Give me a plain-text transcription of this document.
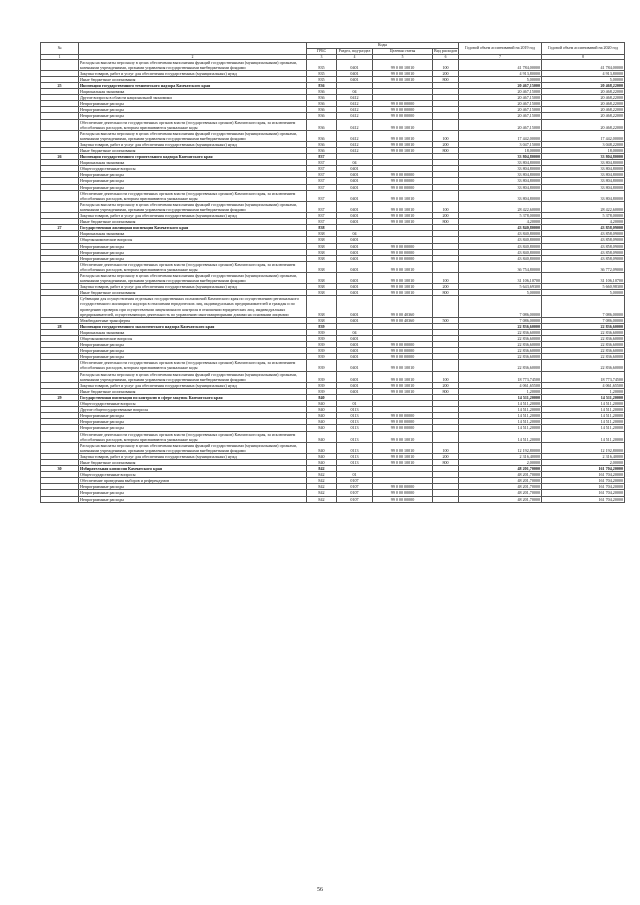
№		Коды				Годовой объем ассигнований на 2019 год	Годовой объем ассигнований на 2020 год
		ГРБС	Раздел, под-раздел	Целевая статья	Вид расходов		
1	2	3	4	5	6	7	8
	Расходы на выплаты персоналу в целях обеспечения выполнения функций государственными (муниципальными) органами, казенными учреждениями, органами управления государственными внебюджетными фондами	835	0401	99 0 00 10010	100	41 784,00000	41 784,00000
	Закупка товаров, работ и услуг для обеспечения государственных (муниципальных) нужд	835	0401	99 0 00 10010	200	4 913,80000	4 913,80000
	Иные бюджетные ассигнования	835	0401	99 0 00 10010	800	5,00000	5,00000
25	Инспекция государственного технического надзора Камчатского края	836				20 467,15000	20 468,22000
	Национальная экономика	836	04			20 467,15000	20 468,22000
	Другие вопросы в области национальной экономики	836	0412			20 467,15000	20 468,22000
	Непрограммные расходы	836	0412	99 0 00 00000		20 467,15000	20 468,22000
	Непрограммные расходы	836	0412	99 0 00 00000		20 467,15000	20 468,22000
	Непрограммные расходы	836	0412	99 0 00 00000		20 467,15000	20 468,22000
	Обеспечение деятельности государственных органов власти (государственных органов) Камчатского края, за исключением обособленных расходов, которым присваиваются уникальные коды	836	0412	99 0 00 10010		20 467,15000	20 468,22000
	Расходы на выплаты персоналу в целях обеспечения выполнения функций государственными (муниципальными) органами, казенными учреждениями, органами управления государственными внебюджетными фондами	836	0412	99 0 00 10010	100	17 442,00000	17 442,00000
	Закупка товаров, работ и услуг для обеспечения государственных (муниципальных) нужд	836	0412	99 0 00 10010	200	3 047,15000	3 048,22000
	Иные бюджетные ассигнования	836	0412	99 0 00 10010	800	18,00000	18,00000
26	Инспекция государственного строительного надзора Камчатского края	837				33 804,80000	33 804,80000
	Национальная экономика	837	04			33 804,80000	33 804,80000
	Общегосударственные вопросы	837	0401			33 804,80000	33 804,80000
	Непрограммные расходы	837	0401	99 0 00 00000		33 804,80000	33 804,80000
	Непрограммные расходы	837	0401	99 0 00 00000		33 804,80000	33 804,80000
	Непрограммные расходы	837	0401	99 0 00 00000		33 804,80000	33 804,80000
	Обеспечение деятельности государственных органов власти (государственных органов) Камчатского края, за исключением обособленных расходов, которым присваиваются уникальные коды	837	0401	99 0 00 10010		33 804,80000	33 804,80000
	Расходы на выплаты персоналу в целях обеспечения выполнения функций государственными (муниципальными) органами, казенными учреждениями, органами управления государственными внебюджетными фондами	837	0401	99 0 00 10010	100	28 422,60000	28 422,60000
	Закупка товаров, работ и услуг для обеспечения государственных (муниципальных) нужд	837	0401	99 0 00 10010	200	5 378,00000	5 378,00000
	Иные бюджетные ассигнования	837	0401	99 0 00 10010	800	4,20000	4,20000
27	Государственная жилищная инспекция Камчатского края	838				43 840,80000	43 858,09000
	Национальная экономика	838	04			43 840,80000	43 858,09000
	Общеэкономические вопросы	838	0401			43 840,80000	43 858,09000
	Непрограммные расходы	838	0401	99 0 00 00000		43 840,80000	43 858,09000
	Непрограммные расходы	838	0401	99 0 00 00000		43 840,80000	43 858,09000
	Непрограммные расходы	838	0401	99 0 00 00000		43 840,80000	43 858,09000
	Обеспечение деятельности государственных органов власти (государственных органов) Камчатского края, за исключением обособленных расходов, которым присваиваются уникальные коды	838	0401	99 0 00 10010		36 754,80000	36 772,09000
	Расходы на выплаты персоналу в целях обеспечения выполнения функций государственными (муниципальными) органами, казенными учреждениями, органами управления государственными внебюджетными фондами	838	0401	99 0 00 10010	100	31 106,10700	31 106,10700
	Закупка товаров, работ и услуг для обеспечения государственных (муниципальных) нужд	838	0401	99 0 00 10010	200	5 643,69300	5 660,98300
	Иные бюджетные ассигнования	838	0401	99 0 00 10010	800	5,00000	5,00000
	Субвенции для осуществления отдельных государственных полномочий Камчатского края по осуществлению регионального государственного жилищного надзора в отношении юридических лиц, индивидуальных предпринимателей и граждан и по проведению проверок при осуществлении лицензионного контроля в отношении юридических лиц, индивидуальных предпринимателей, осуществляющих деятельность по управлению многоквартирными домами на основании лицензии	838	0401	99 0 00 40360		7 086,00000	7 086,00000
	Межбюджетные трансферты	838	0401	99 0 00 40360	500	7 086,00000	7 086,00000
28	Инспекция государственного экологического надзора Камчатского края	839				22 836,60000	22 836,60000
	Национальная экономика	839	04			22 836,60000	22 836,60000
	Общеэкономические вопросы	839	0401			22 836,60000	22 836,60000
	Непрограммные расходы	839	0401	99 0 00 00000		22 836,60000	22 836,60000
	Непрограммные расходы	839	0401	99 0 00 00000		22 836,60000	22 836,60000
	Непрограммные расходы	839	0401	99 0 00 00000		22 836,60000	22 836,60000
	Обеспечение деятельности государственных органов власти (государственных органов) Камчатского края, за исключением обособленных расходов, которым присваиваются уникальные коды	839	0401	99 0 00 10010		22 836,60000	22 836,60000
	Расходы на выплаты персоналу в целях обеспечения выполнения функций государственными (муниципальными) органами, казенными учреждениями, органами управления государственными внебюджетными фондами	839	0401	99 0 00 10010	100	18 773,74500	18 773,74500
	Закупка товаров, работ и услуг для обеспечения государственных (муниципальных) нужд	839	0401	99 0 00 10010	200	4 061,65500	4 061,65500
	Иные бюджетные ассигнования	839	0401	99 0 00 10010	800	1,20000	1,20000
29	Государственная инспекция по контролю в сфере закупок Камчатского края	840				14 511,20000	14 511,20000
	Общегосударственные вопросы	840	01			14 511,20000	14 511,20000
	Другие общегосударственные вопросы	840	0113			14 511,20000	14 511,20000
	Непрограммные расходы	840	0113	99 0 00 00000		14 511,20000	14 511,20000
	Непрограммные расходы	840	0113	99 0 00 00000		14 511,20000	14 511,20000
	Непрограммные расходы	840	0113	99 0 00 00000		14 511,20000	14 511,20000
	Обеспечение деятельности государственных органов власти (государственных органов) Камчатского края, за исключением обособленных расходов, которым присваиваются уникальные коды	840	0113	99 0 00 10010		14 511,20000	14 511,20000
	Расходы на выплаты персоналу в целях обеспечения выполнения функций государственными (муниципальными) органами, казенными учреждениями, органами управления государственными внебюджетными фондами	840	0113	99 0 00 10010	100	12 192,80000	12 192,80000
	Закупка товаров, работ и услуг для обеспечения государственных (муниципальных) нужд	840	0113	99 0 00 10010	200	2 316,40000	2 316,40000
	Иные бюджетные ассигнования	840	0113	99 0 00 10010	800	2,00000	2,00000
30	Избирательная комиссия Камчатского края	842				48 201,70000	161 704,20000
	Общегосударственные вопросы	842	01			48 201,70000	161 704,20000
	Обеспечение проведения выборов и референдумов	842	0107			48 201,70000	161 704,20000
	Непрограммные расходы	842	0107	99 0 00 00000		48 201,70000	161 704,20000
	Непрограммные расходы	842	0107	99 0 00 00000		48 201,70000	161 704,20000
	Непрограммные расходы	842	0107	99 0 00 00000		48 201,70000	161 704,20000
56
